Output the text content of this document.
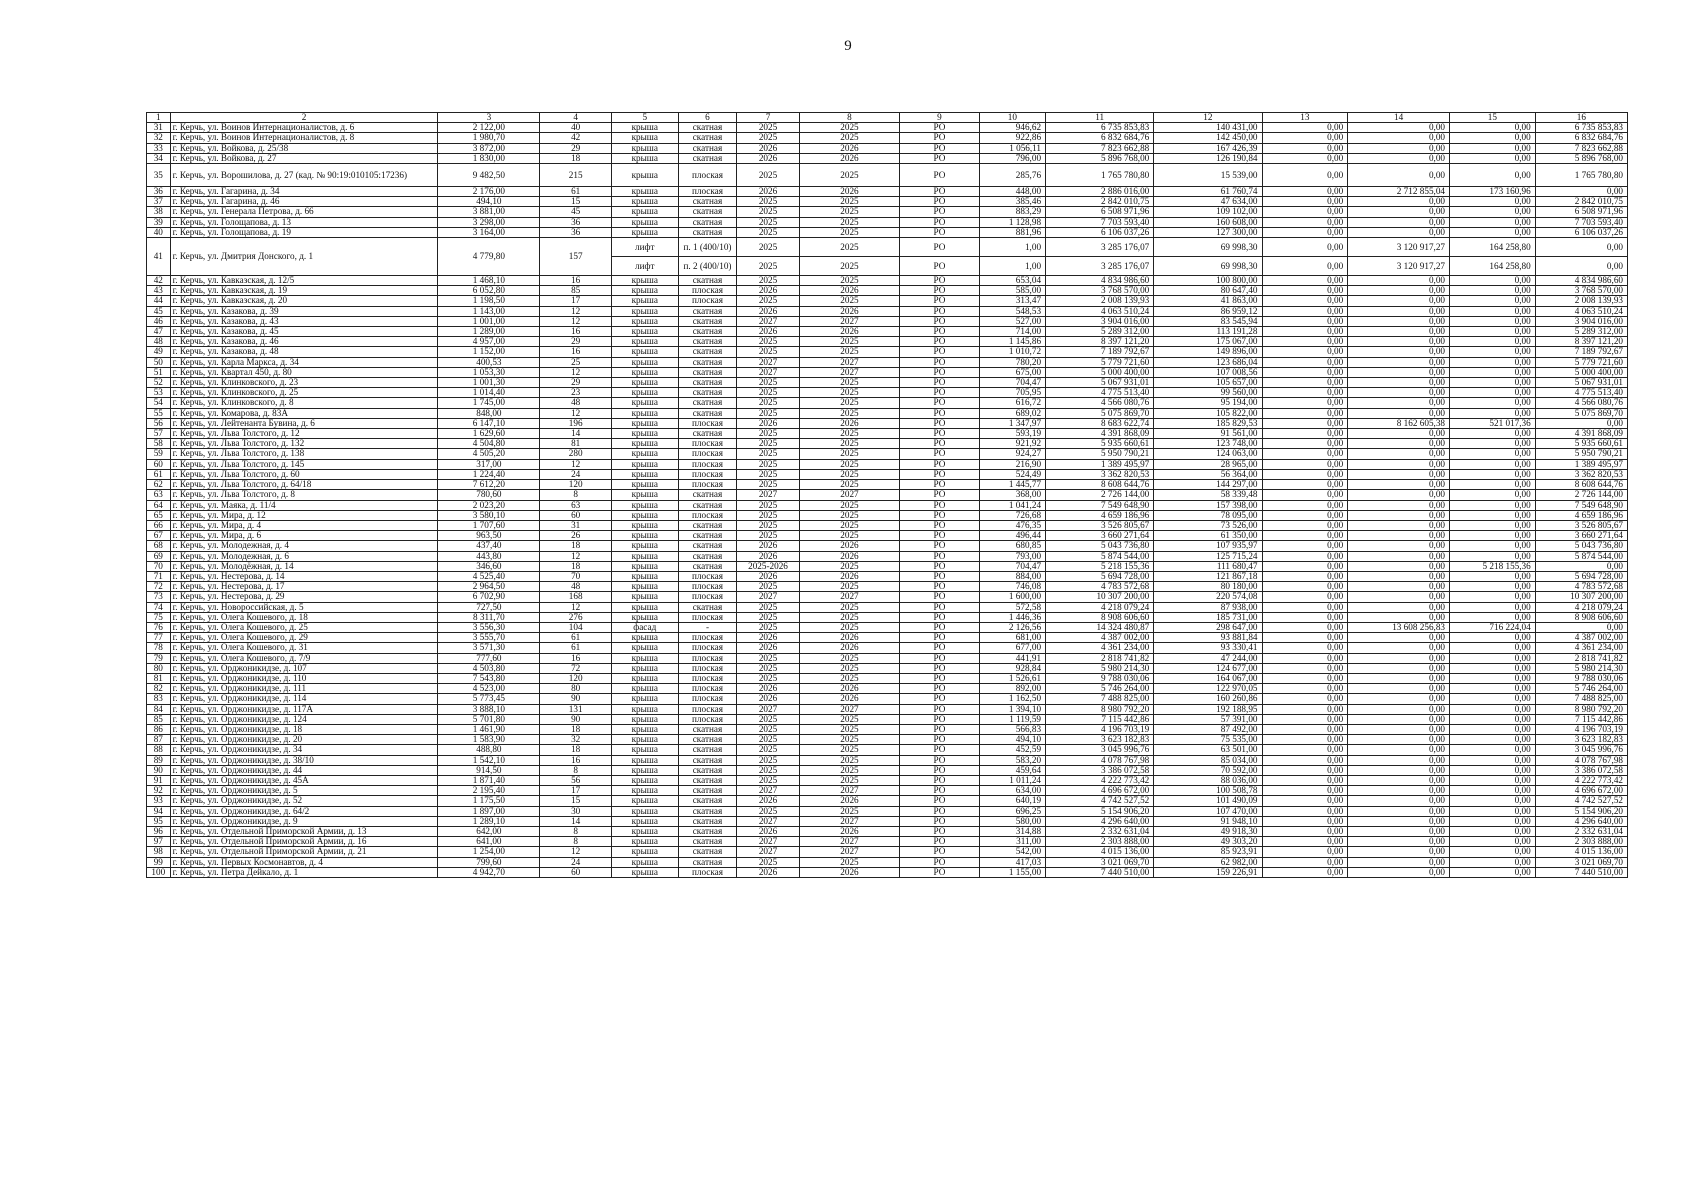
9
1	2	3	4	5	6	7	8	9	10	11	12	13	14	15	16
31	г. Керчь, ул. Воинов Интернационалистов, д. 6	2 122,00	40	крыша	скатная	2025	2025	РО	946,62	6 735 853,83	140 431,00	0,00	0,00	0,00	6 735 853,83
32	г. Керчь, ул. Воинов Интернационалистов, д. 8	1 980,70	42	крыша	скатная	2025	2025	РО	922,86	6 832 684,76	142 450,00	0,00	0,00	0,00	6 832 684,76
33	г. Керчь, ул. Войкова, д. 25/38	3 872,00	29	крыша	скатная	2026	2026	РО	1 056,11	7 823 662,88	167 426,39	0,00	0,00	0,00	7 823 662,88
34	г. Керчь, ул. Войкова, д. 27	1 830,00	18	крыша	скатная	2026	2026	РО	796,00	5 896 768,00	126 190,84	0,00	0,00	0,00	5 896 768,00
35	г. Керчь, ул. Ворошилова, д. 27 (кад. № 90:19:010105:17236)	9 482,50	215	крыша	плоская	2025	2025	РО	285,76	1 765 780,80	15 539,00	0,00	0,00	0,00	1 765 780,80
36	г. Керчь, ул. Гагарина, д. 34	2 176,00	61	крыша	плоская	2026	2026	РО	448,00	2 886 016,00	61 760,74	0,00	2 712 855,04	173 160,96	0,00
37	г. Керчь, ул. Гагарина, д. 46	494,10	15	крыша	скатная	2025	2025	РО	385,46	2 842 010,75	47 634,00	0,00	0,00	0,00	2 842 010,75
38	г. Керчь, ул. Генерала Петрова, д. 66	3 881,00	45	крыша	скатная	2025	2025	РО	883,29	6 508 971,96	109 102,00	0,00	0,00	0,00	6 508 971,96
39	г. Керчь, ул. Голощапова, д. 13	3 298,00	36	крыша	скатная	2025	2025	РО	1 128,98	7 703 593,40	160 608,00	0,00	0,00	0,00	7 703 593,40
40	г. Керчь, ул. Голощапова, д. 19	3 164,00	36	крыша	скатная	2025	2025	РО	881,96	6 106 037,26	127 300,00	0,00	0,00	0,00	6 106 037,26
41	г. Керчь, ул. Дмитрия Донского, д. 1	4 779,80	157	лифт	п. 1 (400/10)	2025	2025	РО	1,00	3 285 176,07	69 998,30	0,00	3 120 917,27	164 258,80	0,00
				лифт	п. 2 (400/10)	2025	2025	РО	1,00	3 285 176,07	69 998,30	0,00	3 120 917,27	164 258,80	0,00
42	г. Керчь, ул. Кавказская, д. 12/5	1 468,10	16	крыша	скатная	2025	2025	РО	653,04	4 834 986,60	100 800,00	0,00	0,00	0,00	4 834 986,60
43	г. Керчь, ул. Кавказская, д. 19	6 052,80	85	крыша	плоская	2026	2026	РО	585,00	3 768 570,00	80 647,40	0,00	0,00	0,00	3 768 570,00
44	г. Керчь, ул. Кавказская, д. 20	1 198,50	17	крыша	плоская	2025	2025	РО	313,47	2 008 139,93	41 863,00	0,00	0,00	0,00	2 008 139,93
45	г. Керчь, ул. Казакова, д. 39	1 143,00	12	крыша	скатная	2026	2026	РО	548,53	4 063 510,24	86 959,12	0,00	0,00	0,00	4 063 510,24
46	г. Керчь, ул. Казакова, д. 43	1 001,00	12	крыша	скатная	2027	2027	РО	527,00	3 904 016,00	83 545,94	0,00	0,00	0,00	3 904 016,00
47	г. Керчь, ул. Казакова, д. 45	1 289,00	16	крыша	скатная	2026	2026	РО	714,00	5 289 312,00	113 191,28	0,00	0,00	0,00	5 289 312,00
48	г. Керчь, ул. Казакова, д. 46	4 957,00	29	крыша	скатная	2025	2025	РО	1 145,86	8 397 121,20	175 067,00	0,00	0,00	0,00	8 397 121,20
49	г. Керчь, ул. Казакова, д. 48	1 152,00	16	крыша	скатная	2025	2025	РО	1 010,72	7 189 792,67	149 896,00	0,00	0,00	0,00	7 189 792,67
50	г. Керчь, ул. Карла Маркса, д. 34	400,53	25	крыша	скатная	2027	2027	РО	780,20	5 779 721,60	123 686,04	0,00	0,00	0,00	5 779 721,60
51	г. Керчь, ул. Квартал 450, д. 80	1 053,30	12	крыша	скатная	2027	2027	РО	675,00	5 000 400,00	107 008,56	0,00	0,00	0,00	5 000 400,00
52	г. Керчь, ул. Клинковского, д. 23	1 001,30	29	крыша	скатная	2025	2025	РО	704,47	5 067 931,01	105 657,00	0,00	0,00	0,00	5 067 931,01
53	г. Керчь, ул. Клинковского, д. 25	1 014,40	23	крыша	скатная	2025	2025	РО	705,95	4 775 513,40	99 560,00	0,00	0,00	0,00	4 775 513,40
54	г. Керчь, ул. Клинковского, д. 8	1 745,00	48	крыша	скатная	2025	2025	РО	616,72	4 566 080,76	95 194,00	0,00	0,00	0,00	4 566 080,76
55	г. Керчь, ул. Комарова, д. 83А	848,00	12	крыша	скатная	2025	2025	РО	689,02	5 075 869,70	105 822,00	0,00	0,00	0,00	5 075 869,70
56	г. Керчь, ул. Лейтенанта Бувина, д. 6	6 147,10	196	крыша	плоская	2026	2026	РО	1 347,97	8 683 622,74	185 829,53	0,00	8 162 605,38	521 017,36	0,00
57	г. Керчь, ул. Льва Толстого, д. 12	1 629,60	14	крыша	скатная	2025	2025	РО	593,19	4 391 868,09	91 561,00	0,00	0,00	0,00	4 391 868,09
58	г. Керчь, ул. Льва Толстого, д. 132	4 504,80	81	крыша	плоская	2025	2025	РО	921,92	5 935 660,61	123 748,00	0,00	0,00	0,00	5 935 660,61
59	г. Керчь, ул. Льва Толстого, д. 138	4 505,20	280	крыша	плоская	2025	2025	РО	924,27	5 950 790,21	124 063,00	0,00	0,00	0,00	5 950 790,21
60	г. Керчь, ул. Льва Толстого, д. 145	317,00	12	крыша	плоская	2025	2025	РО	216,90	1 389 495,97	28 965,00	0,00	0,00	0,00	1 389 495,97
61	г. Керчь, ул. Льва Толстого, д. 60	1 224,40	24	крыша	плоская	2025	2025	РО	524,49	3 362 820,53	56 364,00	0,00	0,00	0,00	3 362 820,53
62	г. Керчь, ул. Льва Толстого, д. 64/18	7 612,20	120	крыша	плоская	2025	2025	РО	1 445,77	8 608 644,76	144 297,00	0,00	0,00	0,00	8 608 644,76
63	г. Керчь, ул. Льва Толстого, д. 8	780,60	8	крыша	скатная	2027	2027	РО	368,00	2 726 144,00	58 339,48	0,00	0,00	0,00	2 726 144,00
64	г. Керчь, ул. Маяка, д. 11/4	2 023,20	63	крыша	скатная	2025	2025	РО	1 041,24	7 549 648,90	157 398,00	0,00	0,00	0,00	7 549 648,90
65	г. Керчь, ул. Мира, д. 12	3 580,10	60	крыша	плоская	2025	2025	РО	726,68	4 659 186,96	78 095,00	0,00	0,00	0,00	4 659 186,96
66	г. Керчь, ул. Мира, д. 4	1 707,60	31	крыша	скатная	2025	2025	РО	476,35	3 526 805,67	73 526,00	0,00	0,00	0,00	3 526 805,67
67	г. Керчь, ул. Мира, д. 6	963,50	26	крыша	скатная	2025	2025	РО	496,44	3 660 271,64	61 350,00	0,00	0,00	0,00	3 660 271,64
68	г. Керчь, ул. Молодежная, д. 4	437,40	18	крыша	скатная	2026	2026	РО	680,85	5 043 736,80	107 935,97	0,00	0,00	0,00	5 043 736,80
69	г. Керчь, ул. Молодежная, д. 6	443,80	12	крыша	скатная	2026	2026	РО	793,00	5 874 544,00	125 715,24	0,00	0,00	0,00	5 874 544,00
70	г. Керчь, ул. Молодёжная, д. 14	346,60	18	крыша	скатная	2025-2026	2025	РО	704,47	5 218 155,36	111 680,47	0,00	0,00	5 218 155,36	0,00
71	г. Керчь, ул. Нестерова, д. 14	4 525,40	70	крыша	плоская	2026	2026	РО	884,00	5 694 728,00	121 867,18	0,00	0,00	0,00	5 694 728,00
72	г. Керчь, ул. Нестерова, д. 17	2 964,50	48	крыша	плоская	2025	2025	РО	746,08	4 783 572,68	80 180,00	0,00	0,00	0,00	4 783 572,68
73	г. Керчь, ул. Нестерова, д. 29	6 702,90	168	крыша	плоская	2027	2027	РО	1 600,00	10 307 200,00	220 574,08	0,00	0,00	0,00	10 307 200,00
74	г. Керчь, ул. Новороссийская, д. 5	727,50	12	крыша	скатная	2025	2025	РО	572,58	4 218 079,24	87 938,00	0,00	0,00	0,00	4 218 079,24
75	г. Керчь, ул. Олега Кошевого, д. 18	8 311,70	276	крыша	плоская	2025	2025	РО	1 446,36	8 908 606,60	185 731,00	0,00	0,00	0,00	8 908 606,60
76	г. Керчь, ул. Олега Кошевого, д. 25	3 556,30	104	фасад	-	2025	2025	РО	2 126,56	14 324 480,87	298 647,00	0,00	13 608 256,83	716 224,04	0,00
77	г. Керчь, ул. Олега Кошевого, д. 29	3 555,70	61	крыша	плоская	2026	2026	РО	681,00	4 387 002,00	93 881,84	0,00	0,00	0,00	4 387 002,00
78	г. Керчь, ул. Олега Кошевого, д. 31	3 571,30	61	крыша	плоская	2026	2026	РО	677,00	4 361 234,00	93 330,41	0,00	0,00	0,00	4 361 234,00
79	г. Керчь, ул. Олега Кошевого, д. 7/9	777,60	16	крыша	плоская	2025	2025	РО	441,91	2 818 741,82	47 244,00	0,00	0,00	0,00	2 818 741,82
80	г. Керчь, ул. Орджоникидзе, д. 107	4 503,80	72	крыша	плоская	2025	2025	РО	928,84	5 980 214,30	124 677,00	0,00	0,00	0,00	5 980 214,30
81	г. Керчь, ул. Орджоникидзе, д. 110	7 543,80	120	крыша	плоская	2025	2025	РО	1 526,61	9 788 030,06	164 067,00	0,00	0,00	0,00	9 788 030,06
82	г. Керчь, ул. Орджоникидзе, д. 111	4 523,00	80	крыша	плоская	2026	2026	РО	892,00	5 746 264,00	122 970,05	0,00	0,00	0,00	5 746 264,00
83	г. Керчь, ул. Орджоникидзе, д. 114	5 773,45	90	крыша	плоская	2026	2026	РО	1 162,50	7 488 825,00	160 260,86	0,00	0,00	0,00	7 488 825,00
84	г. Керчь, ул. Орджоникидзе, д. 117А	3 888,10	131	крыша	плоская	2027	2027	РО	1 394,10	8 980 792,20	192 188,95	0,00	0,00	0,00	8 980 792,20
85	г. Керчь, ул. Орджоникидзе, д. 124	5 701,80	90	крыша	плоская	2025	2025	РО	1 119,59	7 115 442,86	57 391,00	0,00	0,00	0,00	7 115 442,86
86	г. Керчь, ул. Орджоникидзе, д. 18	1 461,90	18	крыша	скатная	2025	2025	РО	566,83	4 196 703,19	87 492,00	0,00	0,00	0,00	4 196 703,19
87	г. Керчь, ул. Орджоникидзе, д. 20	1 583,90	32	крыша	скатная	2025	2025	РО	494,10	3 623 182,83	75 535,00	0,00	0,00	0,00	3 623 182,83
88	г. Керчь, ул. Орджоникидзе, д. 34	488,80	18	крыша	скатная	2025	2025	РО	452,59	3 045 996,76	63 501,00	0,00	0,00	0,00	3 045 996,76
89	г. Керчь, ул. Орджоникидзе, д. 38/10	1 542,10	16	крыша	скатная	2025	2025	РО	583,20	4 078 767,98	85 034,00	0,00	0,00	0,00	4 078 767,98
90	г. Керчь, ул. Орджоникидзе, д. 44	914,50	8	крыша	скатная	2025	2025	РО	459,64	3 386 072,58	70 592,00	0,00	0,00	0,00	3 386 072,58
91	г. Керчь, ул. Орджоникидзе, д. 45А	1 871,40	56	крыша	скатная	2025	2025	РО	1 011,24	4 222 773,42	88 036,00	0,00	0,00	0,00	4 222 773,42
92	г. Керчь, ул. Орджоникидзе, д. 5	2 195,40	17	крыша	скатная	2027	2027	РО	634,00	4 696 672,00	100 508,78	0,00	0,00	0,00	4 696 672,00
93	г. Керчь, ул. Орджоникидзе, д. 52	1 175,50	15	крыша	скатная	2026	2026	РО	640,19	4 742 527,52	101 490,09	0,00	0,00	0,00	4 742 527,52
94	г. Керчь, ул. Орджоникидзе, д. 64/2	1 897,00	30	крыша	скатная	2025	2025	РО	696,25	5 154 906,20	107 470,00	0,00	0,00	0,00	5 154 906,20
95	г. Керчь, ул. Орджоникидзе, д. 9	1 289,10	14	крыша	скатная	2027	2027	РО	580,00	4 296 640,00	91 948,10	0,00	0,00	0,00	4 296 640,00
96	г. Керчь, ул. Отдельной Приморской Армии, д. 13	642,00	8	крыша	скатная	2026	2026	РО	314,88	2 332 631,04	49 918,30	0,00	0,00	0,00	2 332 631,04
97	г. Керчь, ул. Отдельной Приморской Армии, д. 16	641,00	8	крыша	скатная	2027	2027	РО	311,00	2 303 888,00	49 303,20	0,00	0,00	0,00	2 303 888,00
98	г. Керчь, ул. Отдельной Приморской Армии, д. 21	1 254,00	12	крыша	скатная	2027	2027	РО	542,00	4 015 136,00	85 923,91	0,00	0,00	0,00	4 015 136,00
99	г. Керчь, ул. Первых Космонавтов, д. 4	799,60	24	крыша	скатная	2025	2025	РО	417,03	3 021 069,70	62 982,00	0,00	0,00	0,00	3 021 069,70
100	г. Керчь, ул. Петра Дейкало, д. 1	4 942,70	60	крыша	плоская	2026	2026	РО	1 155,00	7 440 510,00	159 226,91	0,00	0,00	0,00	7 440 510,00
